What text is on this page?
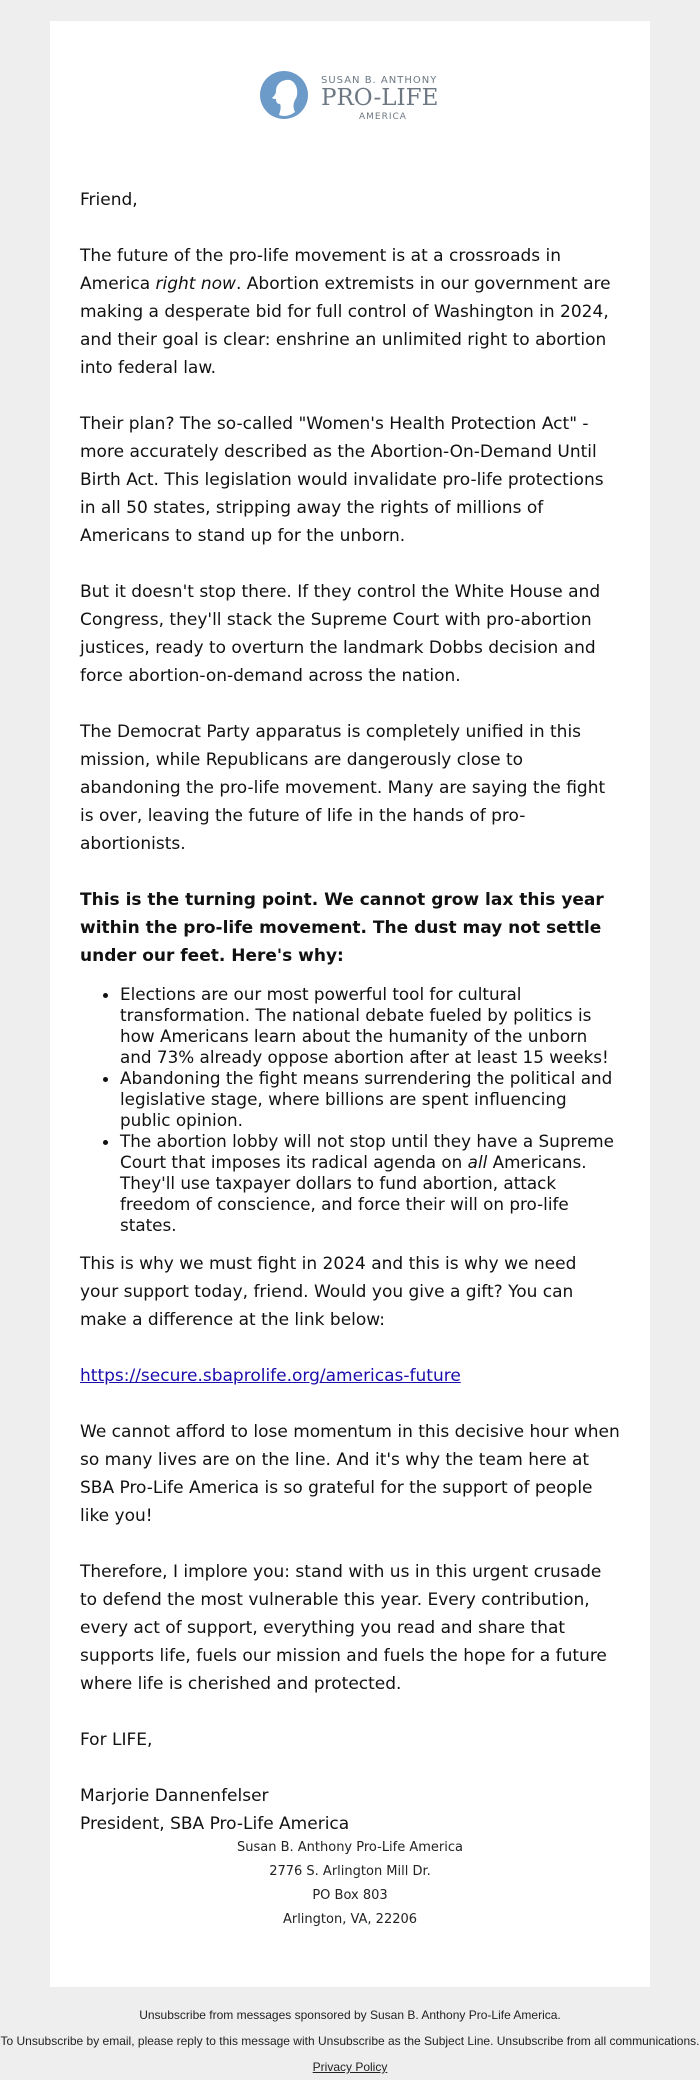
SUSAN B. ANTHONY
PRO-LIFE
AMERICA

Friend,

The future of the pro-life movement is at a crossroads in America right now. Abortion extremists in our government are making a desperate bid for full control of Washington in 2024, and their goal is clear: enshrine an unlimited right to abortion into federal law.

Their plan? The so-called "Women's Health Protection Act" - more accurately described as the Abortion-On-Demand Until Birth Act. This legislation would invalidate pro-life protections in all 50 states, stripping away the rights of millions of Americans to stand up for the unborn.

But it doesn't stop there. If they control the White House and Congress, they'll stack the Supreme Court with pro-abortion justices, ready to overturn the landmark Dobbs decision and force abortion-on-demand across the nation.

The Democrat Party apparatus is completely unified in this mission, while Republicans are dangerously close to abandoning the pro-life movement. Many are saying the fight is over, leaving the future of life in the hands of pro-abortionists.

This is the turning point. We cannot grow lax this year within the pro-life movement. The dust may not settle under our feet. Here's why:

• Elections are our most powerful tool for cultural transformation. The national debate fueled by politics is how Americans learn about the humanity of the unborn and 73% already oppose abortion after at least 15 weeks!
• Abandoning the fight means surrendering the political and legislative stage, where billions are spent influencing public opinion.
• The abortion lobby will not stop until they have a Supreme Court that imposes its radical agenda on all Americans. They'll use taxpayer dollars to fund abortion, attack freedom of conscience, and force their will on pro-life states.

This is why we must fight in 2024 and this is why we need your support today, friend. Would you give a gift? You can make a difference at the link below:

https://secure.sbaprolife.org/americas-future

We cannot afford to lose momentum in this decisive hour when so many lives are on the line. And it's why the team here at SBA Pro-Life America is so grateful for the support of people like you!

Therefore, I implore you: stand with us in this urgent crusade to defend the most vulnerable this year. Every contribution, every act of support, everything you read and share that supports life, fuels our mission and fuels the hope for a future where life is cherished and protected.

For LIFE,

Marjorie Dannenfelser
President, SBA Pro-Life America

Susan B. Anthony Pro-Life America
2776 S. Arlington Mill Dr.
PO Box 803
Arlington, VA, 22206
Unsubscribe from messages sponsored by Susan B. Anthony Pro-Life America.
To Unsubscribe by email, please reply to this message with Unsubscribe as the Subject Line. Unsubscribe from all communications.
Privacy Policy
